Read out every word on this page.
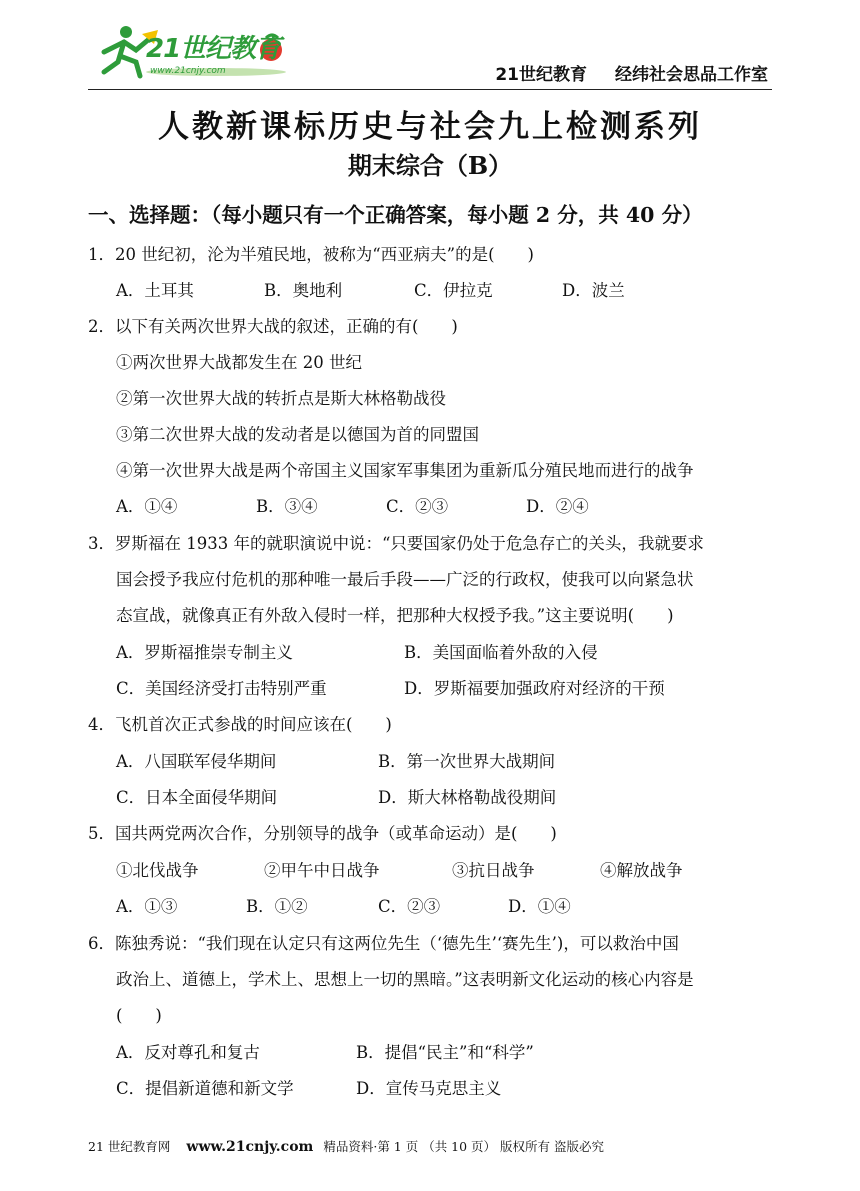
21世纪教育
www.21cnjy.com	21世纪教育 经纬社会思品工作室
人教新课标历史与社会九上检测系列
期末综合（B）
一、选择题：（每小题只有一个正确答案，每小题 2 分，共 40 分）
1．20 世纪初，沦为半殖民地，被称为“西亚病夫”的是(　　)
A．土耳其	B．奥地利	C．伊拉克	D．波兰
2．以下有关两次世界大战的叙述，正确的有(　　)
①两次世界大战都发生在 20 世纪
②第一次世界大战的转折点是斯大林格勒战役
③第二次世界大战的发动者是以德国为首的同盟国
④第一次世界大战是两个帝国主义国家军事集团为重新瓜分殖民地而进行的战争
A．①④	B．③④	C．②③	D．②④
3．罗斯福在 1933 年的就职演说中说：“只要国家仍处于危急存亡的关头，我就要求
国会授予我应付危机的那种唯一最后手段——广泛的行政权，使我可以向紧急状
态宣战，就像真正有外敌入侵时一样，把那种大权授予我。”这主要说明(　　)
A．罗斯福推崇专制主义	B．美国面临着外敌的入侵
C．美国经济受打击特别严重	D．罗斯福要加强政府对经济的干预
4．飞机首次正式参战的时间应该在(　　)
A．八国联军侵华期间	B．第一次世界大战期间
C．日本全面侵华期间	D．斯大林格勒战役期间
5．国共两党两次合作，分别领导的战争（或革命运动）是(　　)
①北伐战争	②甲午中日战争	③抗日战争	④解放战争
A．①③	B．①②	C．②③	D．①④
6．陈独秀说：“我们现在认定只有这两位先生（‘德先生’‘赛先生’)，可以救治中国
政治上、道德上，学术上、思想上一切的黑暗。”这表明新文化运动的核心内容是
(　　)
A．反对尊孔和复古	B．提倡“民主”和“科学”
C．提倡新道德和新文学	D．宣传马克思主义
21 世纪教育网 www.21cnjy.com 精品资料·第 1 页 （共 10 页） 版权所有 盗版必究
